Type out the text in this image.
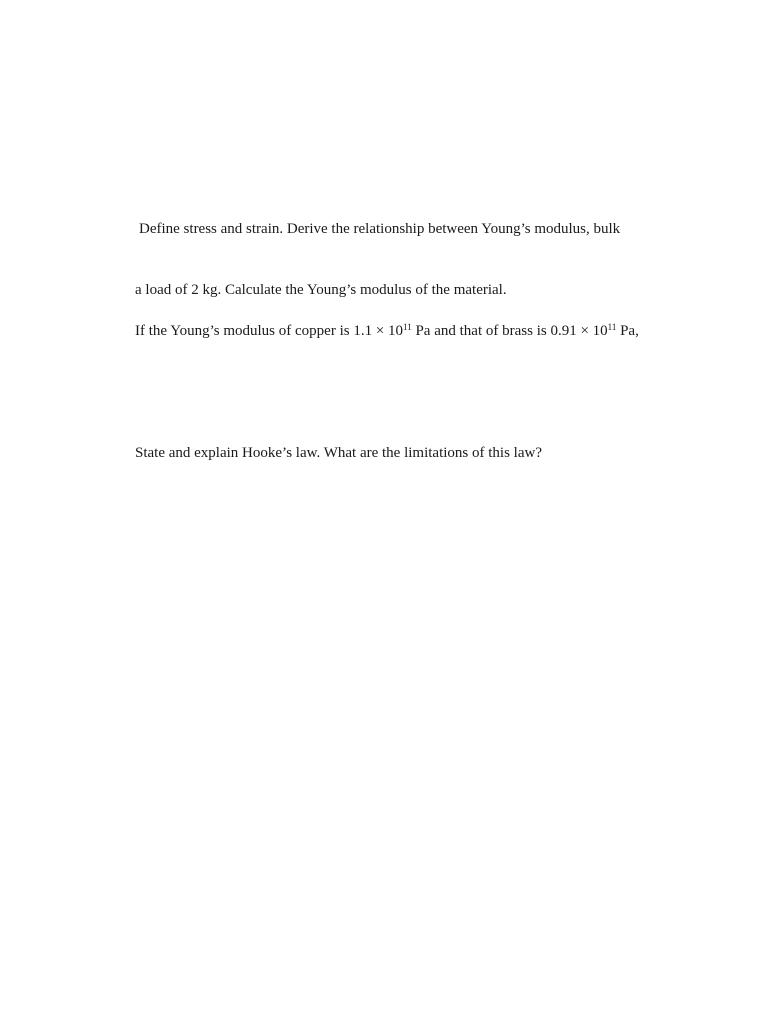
Define stress and strain. Derive the relationship between Young’s modulus, bulk
a load of 2 kg. Calculate the Young’s modulus of the material.
If the Young’s modulus of copper is $1.1 \times 10^{11}$ Pa and that of brass is $0.91 \times 10^{11}$ Pa,
State and explain Hooke’s law. What are the limitations of this law?
